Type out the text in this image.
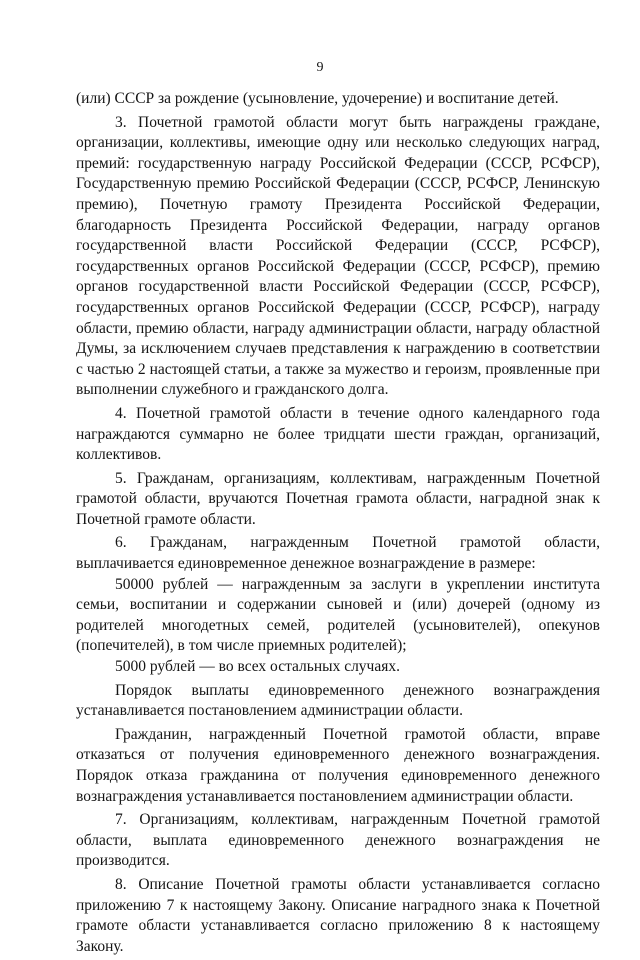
9

(или) СССР за рождение (усыновление, удочерение) и воспитание детей.

3. Почетной грамотой области могут быть награждены граждане, организации, коллективы, имеющие одну или несколько следующих наград, премий: государственную награду Российской Федерации (СССР, РСФСР), Государственную премию Российской Федерации (СССР, РСФСР, Ленинскую премию), Почетную грамоту Президента Российской Федерации, благодарность Президента Российской Федерации, награду органов государственной власти Российской Федерации (СССР, РСФСР), государственных органов Российской Федерации (СССР, РСФСР), премию органов государственной власти Российской Федерации (СССР, РСФСР), государственных органов Российской Федерации (СССР, РСФСР), награду области, премию области, награду администрации области, награду областной Думы, за исключением случаев представления к награждению в соответствии с частью 2 настоящей статьи, а также за мужество и героизм, проявленные при выполнении служебного и гражданского долга.

4. Почетной грамотой области в течение одного календарного года награждаются суммарно не более тридцати шести граждан, организаций, коллективов.

5. Гражданам, организациям, коллективам, награжденным Почетной грамотой области, вручаются Почетная грамота области, наградной знак к Почетной грамоте области.

6. Гражданам, награжденным Почетной грамотой области, выплачивается единовременное денежное вознаграждение в размере:

50000 рублей — награжденным за заслуги в укреплении института семьи, воспитании и содержании сыновей и (или) дочерей (одному из родителей многодетных семей, родителей (усыновителей), опекунов (попечителей), в том числе приемных родителей);

5000 рублей — во всех остальных случаях.

Порядок выплаты единовременного денежного вознаграждения устанавливается постановлением администрации области.

Гражданин, награжденный Почетной грамотой области, вправе отказаться от получения единовременного денежного вознаграждения. Порядок отказа гражданина от получения единовременного денежного вознаграждения устанавливается постановлением администрации области.

7. Организациям, коллективам, награжденным Почетной грамотой области, выплата единовременного денежного вознаграждения не производится.

8. Описание Почетной грамоты области устанавливается согласно приложению 7 к настоящему Закону. Описание наградного знака к Почетной грамоте области устанавливается согласно приложению 8 к настоящему Закону.
